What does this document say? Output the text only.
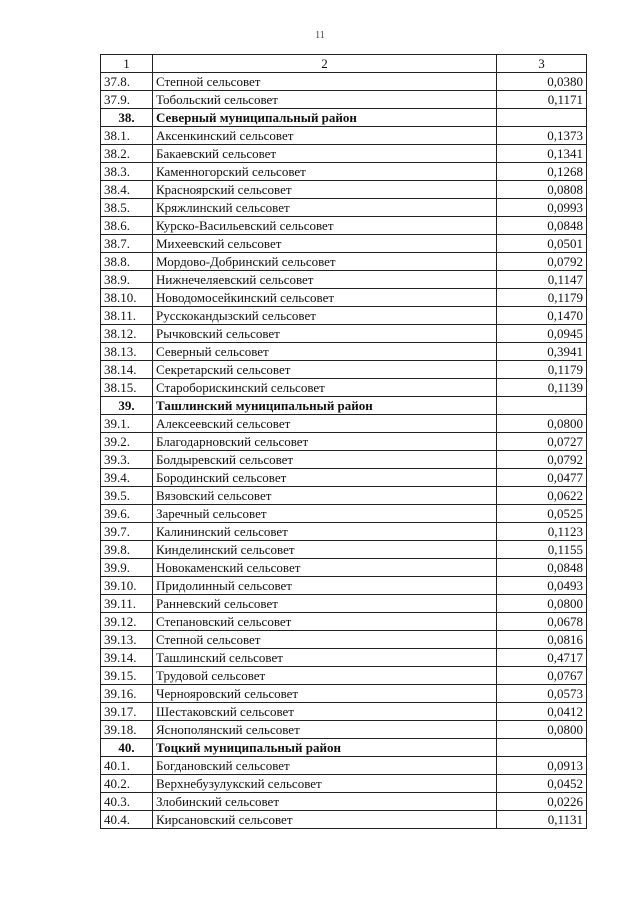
11
1	2	3
37.8.	Степной сельсовет	0,0380
37.9.	Тобольский сельсовет	0,1171
38.	Северный муниципальный район	
38.1.	Аксенкинский сельсовет	0,1373
38.2.	Бакаевский сельсовет	0,1341
38.3.	Каменногорский сельсовет	0,1268
38.4.	Красноярский сельсовет	0,0808
38.5.	Кряжлинский сельсовет	0,0993
38.6.	Курско-Васильевский сельсовет	0,0848
38.7.	Михеевский сельсовет	0,0501
38.8.	Мордово-Добринский сельсовет	0,0792
38.9.	Нижнечеляевский сельсовет	0,1147
38.10.	Новодомосейкинский сельсовет	0,1179
38.11.	Русскокандызский сельсовет	0,1470
38.12.	Рычковский сельсовет	0,0945
38.13.	Северный сельсовет	0,3941
38.14.	Секретарский сельсовет	0,1179
38.15.	Староборискинский сельсовет	0,1139
39.	Ташлинский муниципальный район	
39.1.	Алексеевский сельсовет	0,0800
39.2.	Благодарновский сельсовет	0,0727
39.3.	Болдыревский сельсовет	0,0792
39.4.	Бородинский сельсовет	0,0477
39.5.	Вязовский сельсовет	0,0622
39.6.	Заречный сельсовет	0,0525
39.7.	Калининский сельсовет	0,1123
39.8.	Кинделинский сельсовет	0,1155
39.9.	Новокаменский сельсовет	0,0848
39.10.	Придолинный сельсовет	0,0493
39.11.	Ранневский сельсовет	0,0800
39.12.	Степановский сельсовет	0,0678
39.13.	Степной сельсовет	0,0816
39.14.	Ташлинский сельсовет	0,4717
39.15.	Трудовой сельсовет	0,0767
39.16.	Чернояровский сельсовет	0,0573
39.17.	Шестаковский сельсовет	0,0412
39.18.	Яснополянский сельсовет	0,0800
40.	Тоцкий муниципальный район	
40.1.	Богдановский сельсовет	0,0913
40.2.	Верхнебузулукский сельсовет	0,0452
40.3.	Злобинский сельсовет	0,0226
40.4.	Кирсановский сельсовет	0,1131
